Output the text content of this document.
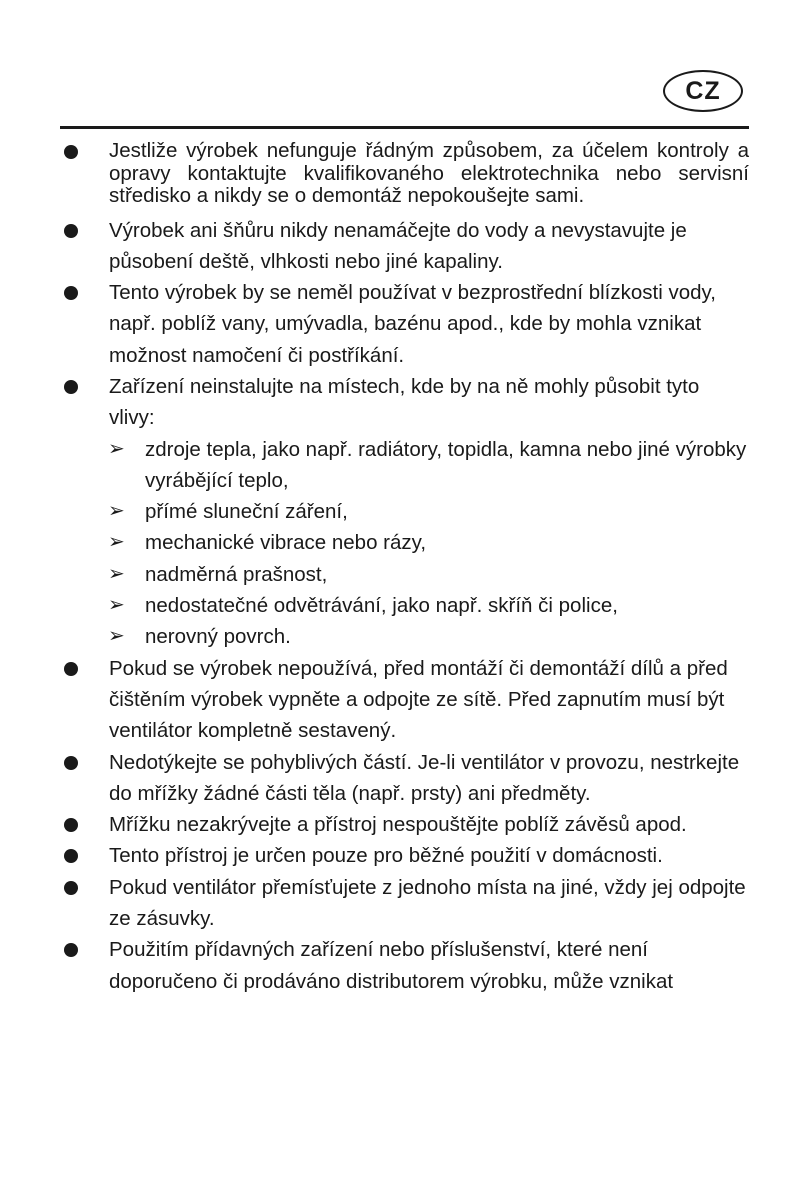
CZ
Jestliže výrobek nefunguje řádným způsobem, za účelem kontroly a opravy kontaktujte kvalifikovaného elektrotechnika nebo servisní středisko a nikdy se o demontáž nepokoušejte sami.
Výrobek ani šňůru nikdy nenamáčejte do vody a nevystavujte je působení deště, vlhkosti nebo jiné kapaliny.
Tento výrobek by se neměl používat v bezprostřední blízkosti vody, např. poblíž vany, umývadla, bazénu apod., kde by mohla vznikat možnost namočení či postříkání.
Zařízení neinstalujte na místech, kde by na ně mohly působit tyto vlivy:
➢ zdroje tepla, jako např. radiátory, topidla, kamna nebo jiné výrobky vyrábějící teplo,
➢ přímé sluneční záření,
➢ mechanické vibrace nebo rázy,
➢ nadměrná prašnost,
➢ nedostatečné odvětrávání, jako např. skříň či police,
➢ nerovný povrch.
Pokud se výrobek nepoužívá, před montáží či demontáží dílů a před čištěním výrobek vypněte a odpojte ze sítě. Před zapnutím musí být ventilátor kompletně sestavený.
Nedotýkejte se pohyblivých částí. Je-li ventilátor v provozu, nestrkejte do mřížky žádné části těla (např. prsty) ani předměty.
Mřížku nezakrývejte a přístroj nespouštějte poblíž závěsů apod.
Tento přístroj je určen pouze pro běžné použití v domácnosti.
Pokud ventilátor přemísťujete z jednoho místa na jiné, vždy jej odpojte ze zásuvky.
Použitím přídavných zařízení nebo příslušenství, které není doporučeno či prodáváno distributorem výrobku, může vznikat
